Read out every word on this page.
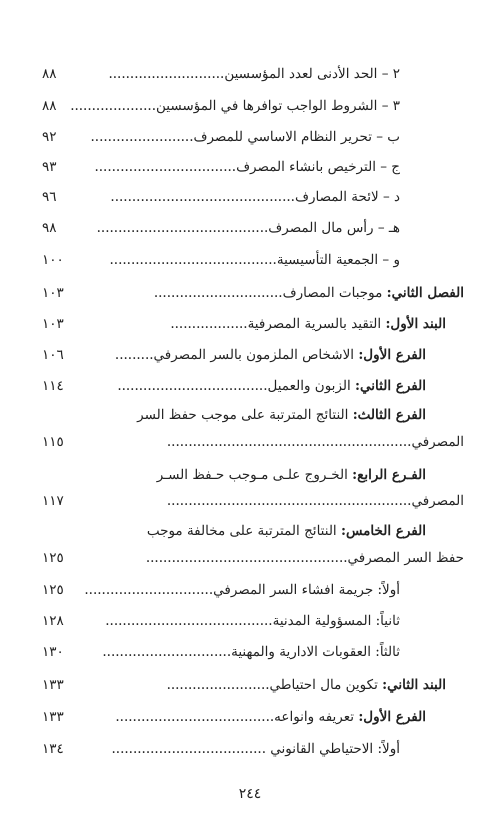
٢ – الحد الأدنى لعدد المؤسسين...........................
٨٨
٣ – الشروط الواجب توافرها في المؤسسين....................
٨٨
ب – تحرير النظام الاساسي للمصرف........................
٩٢
ج – الترخيص بانشاء المصرف.................................
٩٣
د – لائحة المصارف...........................................
٩٦
هـ – رأس مال المصرف........................................
٩٨
و – الجمعية التأسيسية.......................................
١٠٠
الفصل الثاني: موجبات المصارف..............................
١٠٣
البند الأول: التقيد بالسرية المصرفية..................
١٠٣
الفرع الأول: الاشخاص الملزمون بالسر المصرفي.........
١٠٦
الفرع الثاني: الزبون والعميل...................................
١١٤
الفرع الثالث: النتائج المترتبة على موجب حفظ السر
المصرفي.........................................................
١١٥
الفـرع الرابع: الخـروج علـى مـوجب حـفظ السـر
المصرفي.........................................................
١١٧
الفرع الخامس: النتائج المترتبة على مخالفة موجب
حفظ السر المصرفي...............................................
١٢٥
أولاً: جريمة افشاء السر المصرفي..............................
١٢٥
ثانياً: المسؤولية المدنية.......................................
١٢٨
ثالثاً: العقوبات الادارية والمهنية..............................
١٣٠
البند الثاني: تكوين مال احتياطي........................
١٣٣
الفرع الأول: تعريفه وانواعه.....................................
١٣٣
أولاً: الاحتياطي القانوني ....................................
١٣٤
٢٤٤
